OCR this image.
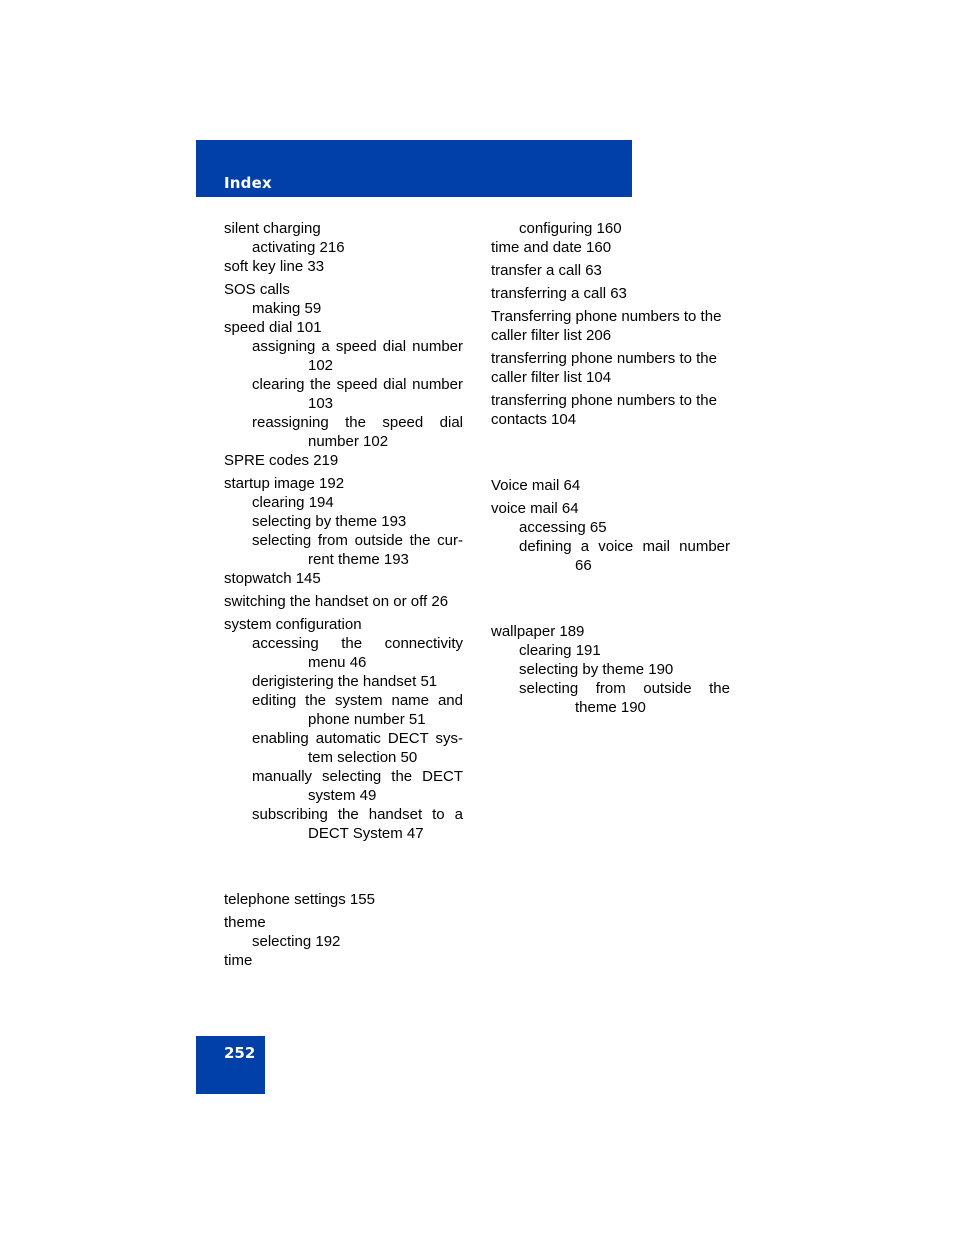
Index
silent charging
activating 216
soft key line 33
SOS calls
making 59
speed dial 101
assigning a speed dial number 102
clearing the speed dial number 103
reassigning the speed dial number 102
SPRE codes 219
startup image 192
clearing 194
selecting by theme 193
selecting from outside the cur-rent theme 193
stopwatch 145
switching the handset on or off 26
system configuration
accessing the connectivity menu 46
derigistering the handset 51
editing the system name and phone number 51
enabling automatic DECT sys-tem selection 50
manually selecting the DECT system 49
subscribing the handset to a DECT System 47
telephone settings 155
theme
selecting 192
time
configuring 160
time and date 160
transfer a call 63
transferring a call 63
Transferring phone numbers to the caller filter list 206
transferring phone numbers to the caller filter list 104
transferring phone numbers to the contacts 104
Voice mail 64
voice mail 64
accessing 65
defining a voice mail number 66
wallpaper 189
clearing 191
selecting by theme 190
selecting from outside the theme 190
252
